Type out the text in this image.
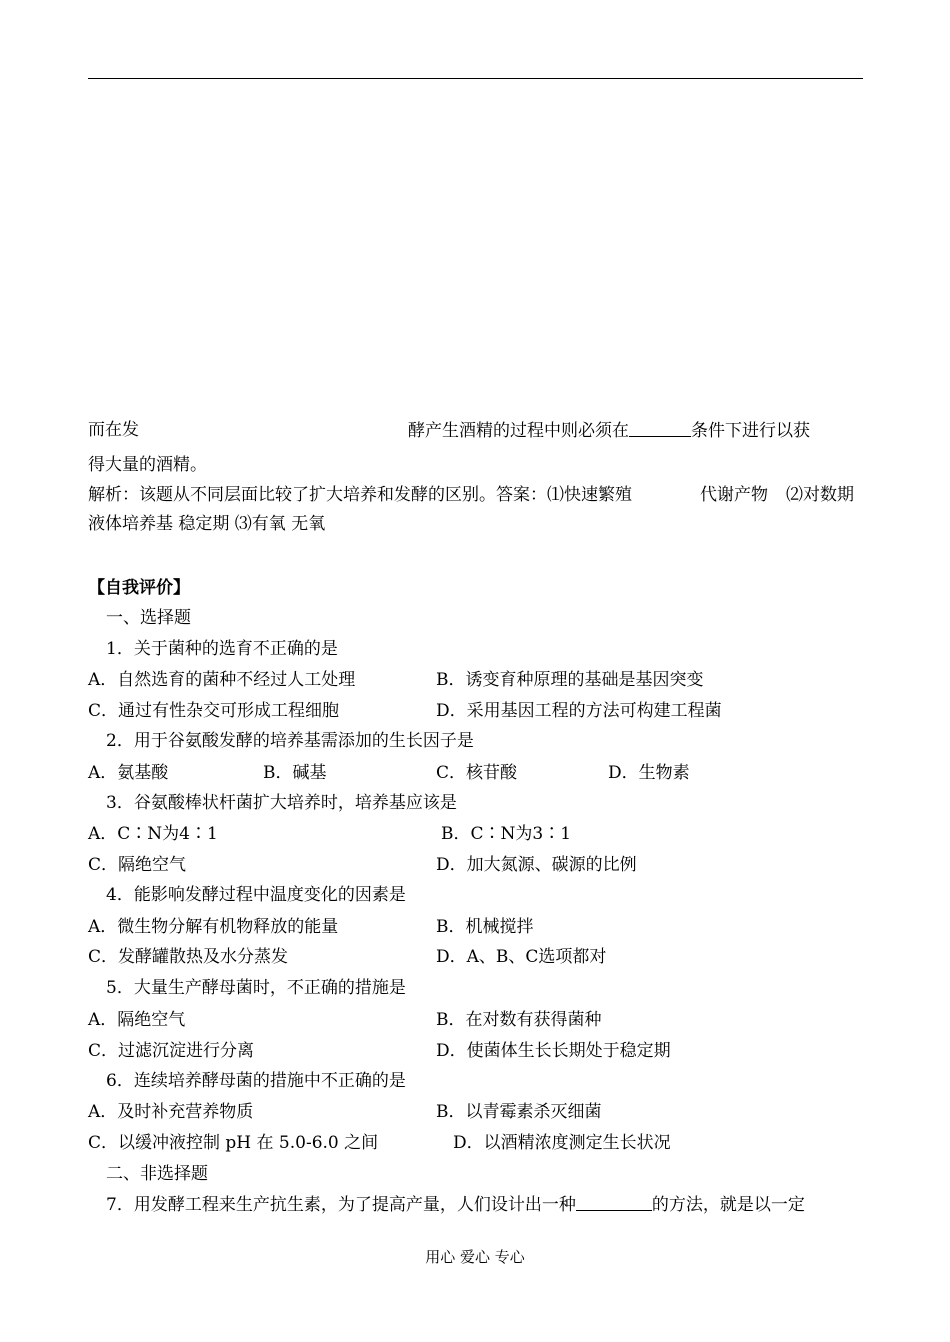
而在发	酵产生酒精的过程中则必须在	条件下进行以获
得大量的酒精。
解析：该题从不同层面比较了扩大培养和发酵的区别。答案：⑴快速繁殖	代谢产物 ⑵对数期
液体培养基 稳定期 ⑶有氧 无氧
【自我评价】
一、选择题
1．关于菌种的选育不正确的是
A．自然选育的菌种不经过人工处理	B．诱变育种原理的基础是基因突变
C．通过有性杂交可形成工程细胞	D．采用基因工程的方法可构建工程菌
2．用于谷氨酸发酵的培养基需添加的生长因子是
A．氨基酸	B．碱基	C．核苷酸	D．生物素
3．谷氨酸棒状杆菌扩大培养时，培养基应该是
A．C∶N为4∶1	B．C∶N为3∶1
C．隔绝空气	D．加大氮源、碳源的比例
4．能影响发酵过程中温度变化的因素是
A．微生物分解有机物释放的能量	B．机械搅拌
C．发酵罐散热及水分蒸发	D．A、B、C选项都对
5．大量生产酵母菌时，不正确的措施是
A．隔绝空气	B．在对数有获得菌种
C．过滤沉淀进行分离	D．使菌体生长长期处于稳定期
6．连续培养酵母菌的措施中不正确的是
A．及时补充营养物质	B．以青霉素杀灭细菌
C．以缓冲液控制 pH 在 5.0-6.0 之间	D．以酒精浓度测定生长状况
二、非选择题
7．用发酵工程来生产抗生素，为了提高产量，人们设计出一种	的方法，就是以一定
用心 爱心 专心
